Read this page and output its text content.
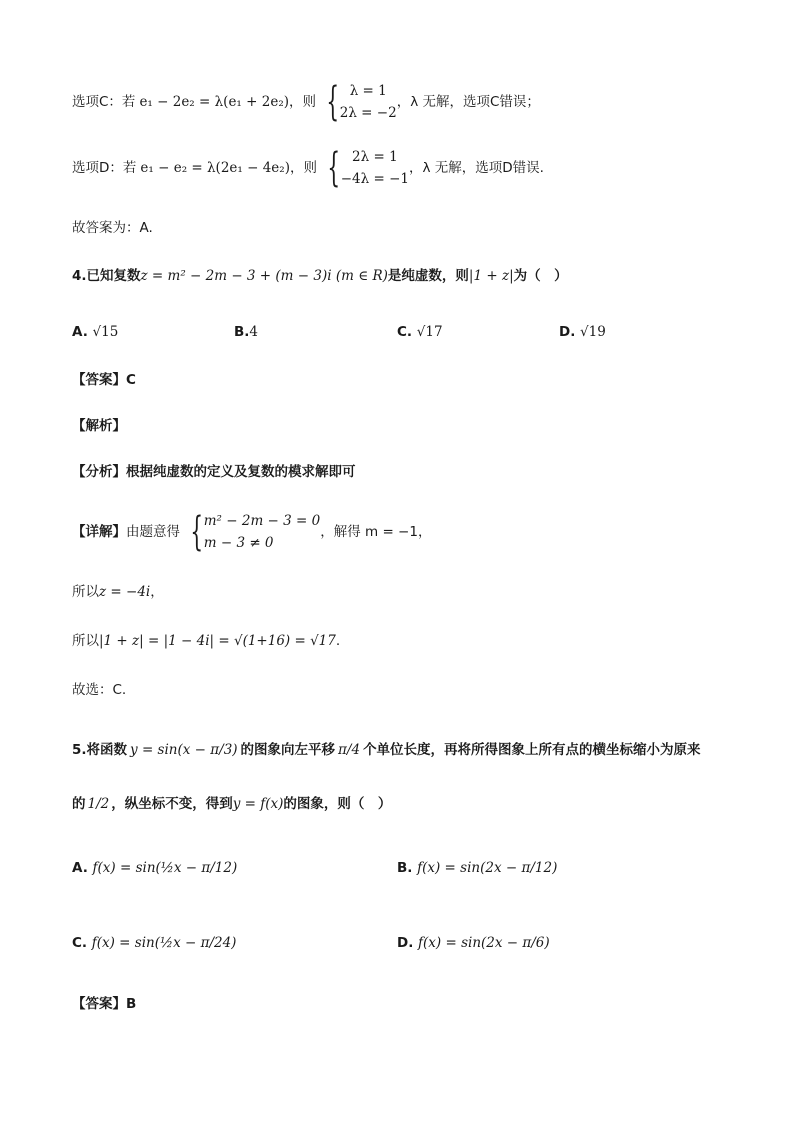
选项C：若 e₁ − 2e₂ = λ(e₁ + 2e₂)，则 { λ = 1
2λ = −2
，λ 无解，选项C错误；
选项D：若 e₁ − e₂ = λ(2e₁ − 4e₂)，则 { 2λ = 1
−4λ = −1
，λ 无解，选项D错误.
故答案为：A.
4.已知复数z = m² − 2m − 3 + (m − 3)i (m ∈ R)是纯虚数，则|1 + z|为（　）
A. √15	B.4	C. √17	D. √19
【答案】C
【解析】
【分析】根据纯虚数的定义及复数的模求解即可
【详解】由题意得 { m² − 2m − 3 = 0
m − 3 ≠ 0
，解得 m = −1，
所以z = −4i，
所以|1 + z| = |1 − 4i| = √(1+16) = √17.
故选：C.
5.将函数 y = sin(x − π/3) 的图象向左平移 π/4 个单位长度，再将所得图象上所有点的横坐标缩小为原来
的 1/2 ，纵坐标不变，得到y = f(x)的图象，则（　）
A. f(x) = sin(½x − π/12)	B. f(x) = sin(2x − π/12)
C. f(x) = sin(½x − π/24)	D. f(x) = sin(2x − π/6)
【答案】B
